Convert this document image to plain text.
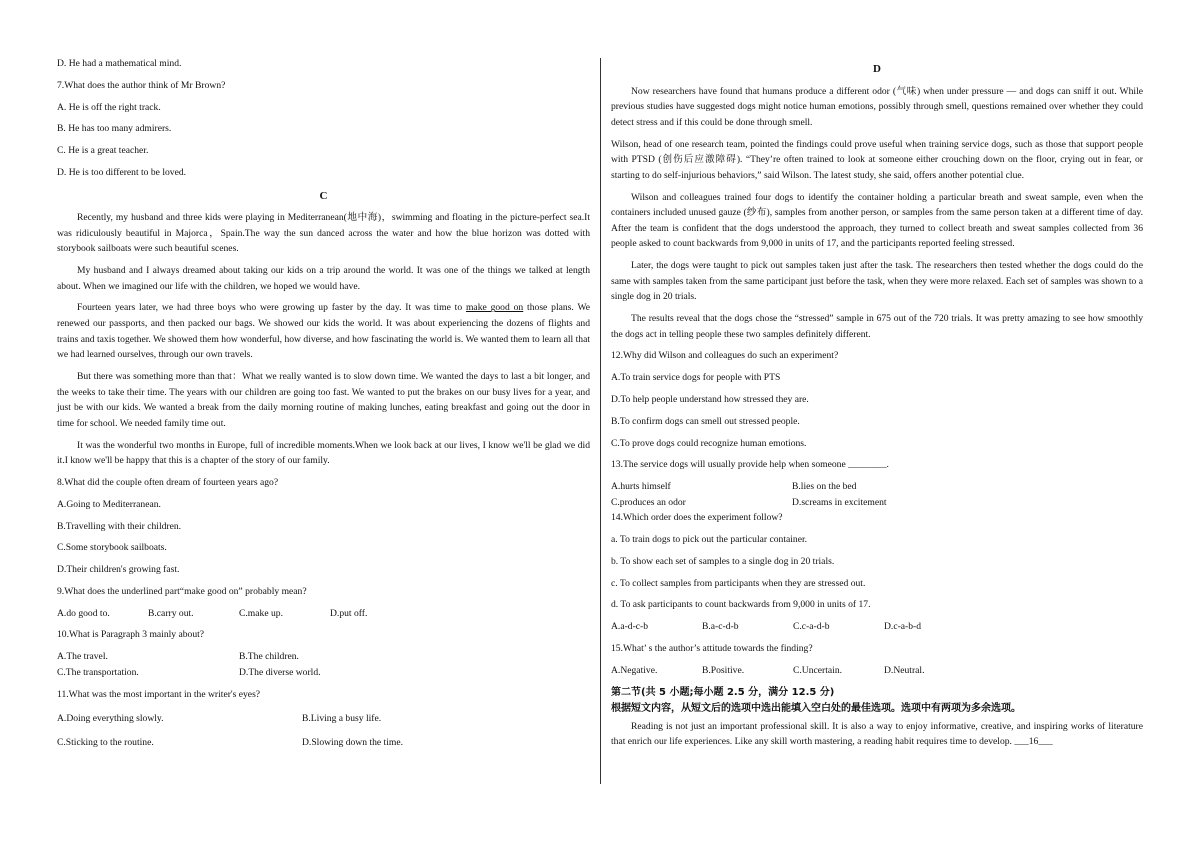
D. He had a mathematical mind.

7.What does the author think of Mr Brown?

A. He is off the right track.

B. He has too many admirers.

C. He is a great teacher.

D. He is too different to be loved.

C

Recently, my husband and three kids were playing in Mediterranean(地中海)，swimming and floating in the picture-perfect sea.It was ridiculously beautiful in Majorca，Spain.The way the sun danced across the water and how the blue horizon was dotted with storybook sailboats were such beautiful scenes.

My husband and I always dreamed about taking our kids on a trip around the world. It was one of the things we talked at length about. When we imagined our life with the children, we hoped we would have.

Fourteen years later, we had three boys who were growing up faster by the day. It was time to make good on those plans. We renewed our passports, and then packed our bags. We showed our kids the world. It was about experiencing the dozens of flights and trains and taxis together. We showed them how wonderful, how diverse, and how fascinating the world is. We wanted them to learn all that we had learned ourselves, through our own travels.

But there was something more than that：What we really wanted is to slow down time. We wanted the days to last a bit longer, and the weeks to take their time. The years with our children are going too fast. We wanted to put the brakes on our busy lives for a year, and just be with our kids. We wanted a break from the daily morning routine of making lunches, eating breakfast and going out the door in time for school. We needed family time out.

It was the wonderful two months in Europe, full of incredible moments.When we look back at our lives, I know we'll be glad we did it.I know we'll be happy that this is a chapter of the story of our family.

8.What did the couple often dream of fourteen years ago?

A.Going to Mediterranean.

B.Travelling with their children.

C.Some storybook sailboats.

D.Their children's growing fast.

9.What does the underlined part“make good on” probably mean?

A.do good to.	B.carry out.	C.make up.	D.put off.

10.What is Paragraph 3 mainly about?

A.The travel.	B.The children.
C.The transportation.	D.The diverse world.

11.What was the most important in the writer's eyes?

A.Doing everything slowly.	B.Living a busy life.
C.Sticking to the routine.	D.Slowing down the time.
D

Now researchers have found that humans produce a different odor (气味) when under pressure — and dogs can sniff it out. While previous studies have suggested dogs might notice human emotions, possibly through smell, questions remained over whether they could detect stress and if this could be done through smell.

Wilson, head of one research team, pointed the findings could prove useful when training service dogs, such as those that support people with PTSD (创伤后应激障碍). “They’re often trained to look at someone either crouching down on the floor, crying out in fear, or starting to do self-injurious behaviors,” said Wilson. The latest study, she said, offers another potential clue.

Wilson and colleagues trained four dogs to identify the container holding a particular breath and sweat sample, even when the containers included unused gauze (纱布), samples from another person, or samples from the same person taken at a different time of day. After the team is confident that the dogs understood the approach, they turned to collect breath and sweat samples collected from 36 people asked to count backwards from 9,000 in units of 17, and the participants reported feeling stressed.

Later, the dogs were taught to pick out samples taken just after the task. The researchers then tested whether the dogs could do the same with samples taken from the same participant just before the task, when they were more relaxed. Each set of samples was shown to a single dog in 20 trials.

The results reveal that the dogs chose the “stressed” sample in 675 out of the 720 trials. It was pretty amazing to see how smoothly the dogs act in telling people these two samples definitely different.

12.Why did Wilson and colleagues do such an experiment?

A.To train service dogs for people with PTS

D.To help people understand how stressed they are.

B.To confirm dogs can smell out stressed people.

C.To prove dogs could recognize human emotions.

13.The service dogs will usually provide help when someone ________.

A.hurts himself	B.lies on the bed
C.produces an odor	D.screams in excitement

14.Which order does the experiment follow?

a. To train dogs to pick out the particular container.

b. To show each set of samples to a single dog in 20 trials.

c. To collect samples from participants when they are stressed out.

d. To ask participants to count backwards from 9,000 in units of 17.

A.a-d-c-b	B.a-c-d-b	C.c-a-d-b	D.c-a-b-d

15.What’ s the author’s attitude towards the finding?

A.Negative.	B.Positive.	C.Uncertain.	D.Neutral.

第二节(共 5 小题;每小题 2.5 分，满分 12.5 分)

根据短文内容，从短文后的选项中选出能填入空白处的最佳选项。选项中有两项为多余选项。

Reading is not just an important professional skill. It is also a way to enjoy informative, creative, and inspiring works of literature that enrich our life experiences. Like any skill worth mastering, a reading habit requires time to develop. ___16___
